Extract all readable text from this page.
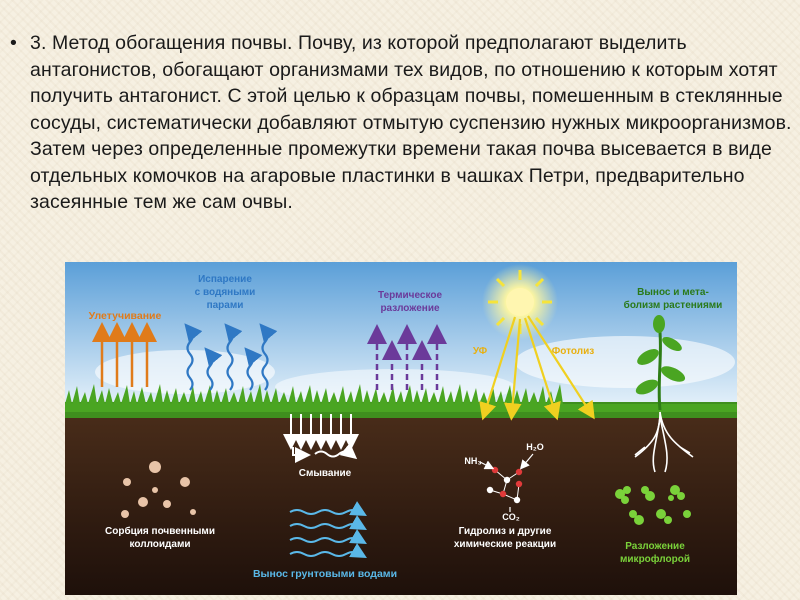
• 3. Метод обогащения почвы. Почву, из которой предполагают выделить антагонистов, обогащают организмами тех видов, по отношению к которым хотят получить антагонист. С этой целью к образцам почвы, помешенным в стеклянные сосуды, систематически добавляют отмытую суспензию нужных микроорганизмов. Затем через определенные промежутки времени такая почва высевается в виде отдельных комочков на агаровые пластинки в чашках Петри, предварительно засеянные тем же сам очвы.
Улетучивание
Испарение
с водяными
парами
Термическое
разложение
УФ	Фотолиз
Вынос и мета-
болизм растениями
Смывание
Сорбция почвенными
коллоидами
Вынос грунтовыми водами
H₂O
NH₃
CO₂
Гидролиз и другие
химические реакции	Разложение
микрофлорой
